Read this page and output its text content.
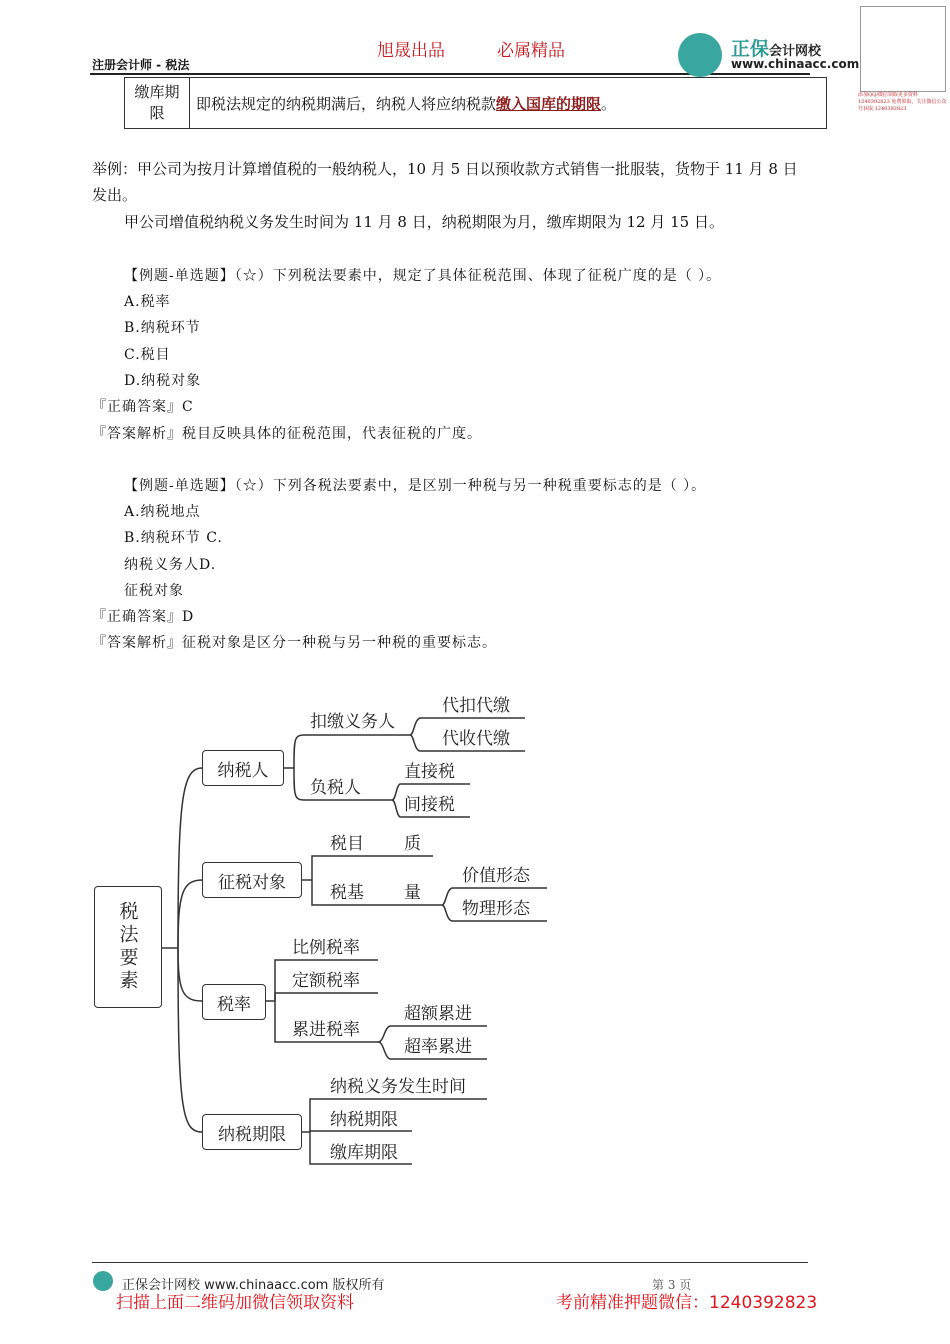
旭晟出品	必属精品
注册会计师 - 税法
正保会计网校
www.chinaacc.com
添加QQ/微信领取更多资料 1240392823 免费领取，关注微信公众号获取 1240392823
缴库期限	即税法规定的纳税期满后，纳税人将应纳税款缴入国库的期限。
举例：甲公司为按月计算增值税的一般纳税人，10 月 5 日以预收款方式销售一批服装，货物于 11 月 8 日
发出。
甲公司增值税纳税义务发生时间为 11 月 8 日，纳税期限为月，缴库期限为 12 月 15 日。
【例题-单选题】（☆）下列税法要素中，规定了具体征税范围、体现了征税广度的是（ ）。
A.税率
B.纳税环节
C.税目
D.纳税对象
『正确答案』C
『答案解析』税目反映具体的征税范围，代表征税的广度。
【例题-单选题】（☆）下列各税法要素中，是区别一种税与另一种税重要标志的是（ ）。
A.纳税地点
B.纳税环节 C.
纳税义务人D.
征税对象
『正确答案』D
『答案解析』征税对象是区分一种税与另一种税的重要标志。
税法要素
纳税人
征税对象
税率
纳税期限
扣缴义务人
代扣代缴
代收代缴
负税人
直接税
间接税
税目 质
税基 量
价值形态
物理形态
比例税率
定额税率
累进税率
超额累进
超率累进
纳税义务发生时间
纳税期限
缴库期限
正保会计网校 www.chinaacc.com 版权所有	第 3 页
扫描上面二维码加微信领取资料	考前精准押题微信：1240392823
